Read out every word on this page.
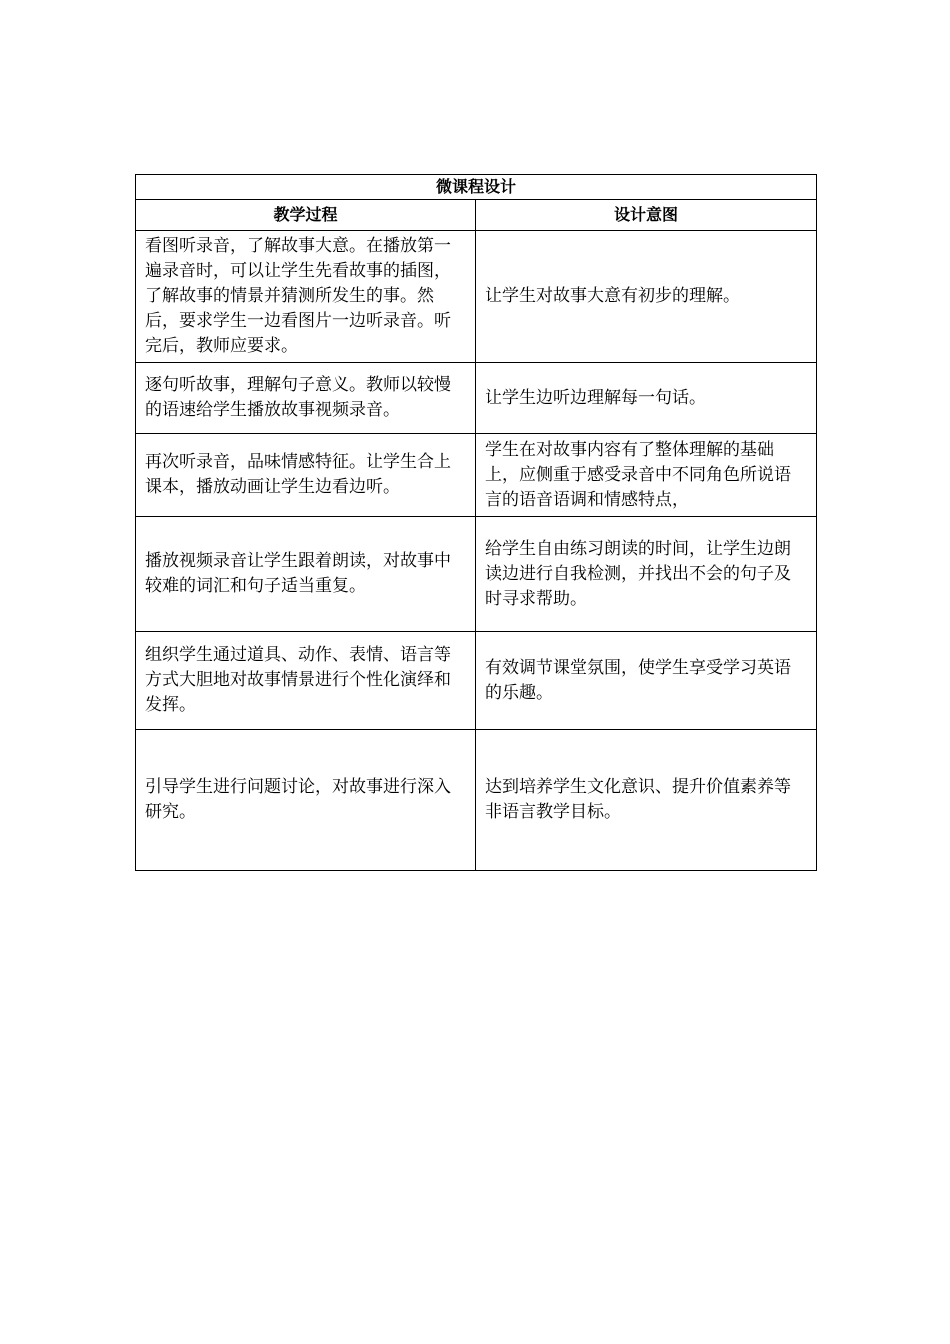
微课程设计	
教学过程	设计意图

看图听录音，了解故事大意。在播放第一遍录音时，可以让学生先看故事的插图，了解故事的情景并猜测所发生的事。然后，要求学生一边看图片一边听录音。听完后，教师应要求。	让学生对故事大意有初步的理解。

逐句听故事，理解句子意义。教师以较慢的语速给学生播放故事视频录音。	让学生边听边理解每一句话。

再次听录音，品味情感特征。让学生合上课本，播放动画让学生边看边听。	学生在对故事内容有了整体理解的基础上，应侧重于感受录音中不同角色所说语言的语音语调和情感特点，

播放视频录音让学生跟着朗读，对故事中较难的词汇和句子适当重复。	给学生自由练习朗读的时间，让学生边朗读边进行自我检测，并找出不会的句子及时寻求帮助。

组织学生通过道具、动作、表情、语言等方式大胆地对故事情景进行个性化演绎和发挥。	有效调节课堂氛围，使学生享受学习英语的乐趣。

引导学生进行问题讨论，对故事进行深入研究。	达到培养学生文化意识、提升价值素养等非语言教学目标。
